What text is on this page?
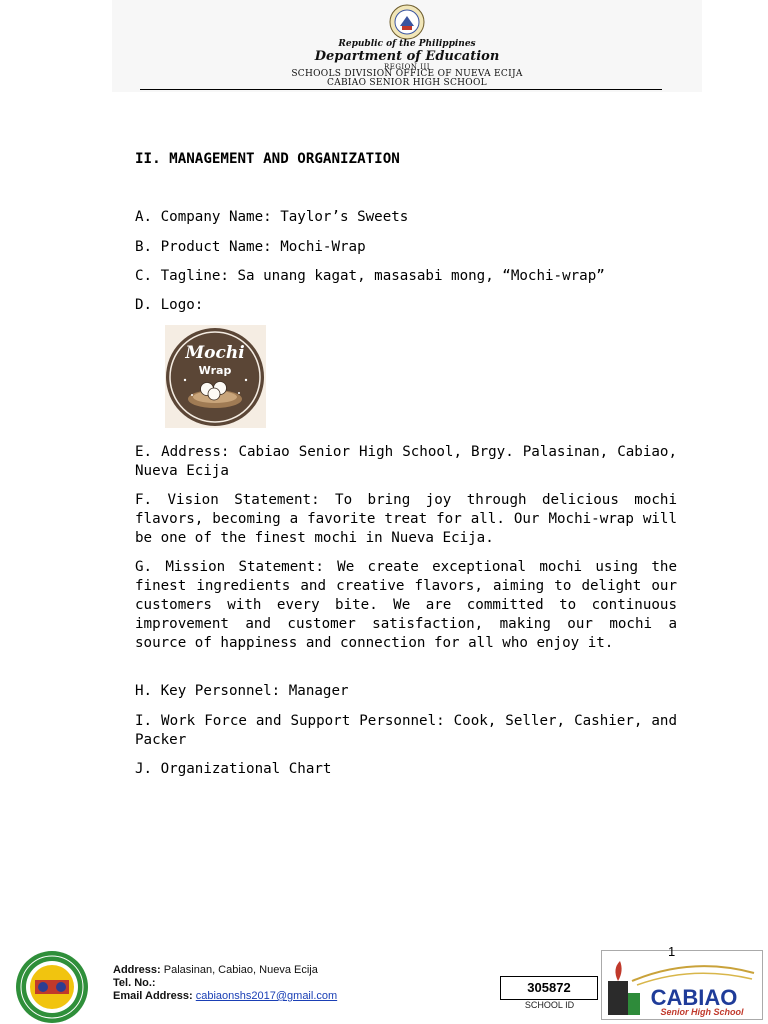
Republic of the Philippines
Department of Education
REGION III
SCHOOLS DIVISION OFFICE OF NUEVA ECIJA
CABIAO SENIOR HIGH SCHOOL
II. MANAGEMENT AND ORGANIZATION
A. Company Name: Taylor’s Sweets
B. Product Name: Mochi-Wrap
C. Tagline: Sa unang kagat, masasabi mong, “Mochi-wrap”
D. Logo:
Mochi
Wrap
E. Address: Cabiao Senior High School, Brgy. Palasinan, Cabiao, Nueva Ecija
F. Vision Statement: To bring joy through delicious mochi flavors, becoming a favorite treat for all. Our Mochi-wrap will be one of the finest mochi in Nueva Ecija.
G. Mission Statement: We create exceptional mochi using the finest ingredients and creative flavors, aiming to delight our customers with every bite. We are committed to continuous improvement and customer satisfaction, making our mochi a source of happiness and connection for all who enjoy it.
H. Key Personnel: Manager
I. Work Force and Support Personnel: Cook, Seller, Cashier, and Packer
J. Organizational Chart
Address: Palasinan, Cabiao, Nueva Ecija
Tel. No.:
Email Address: cabiaonshs2017@gmail.com
305872
SCHOOL ID	CABIAO
Senior High School
1
